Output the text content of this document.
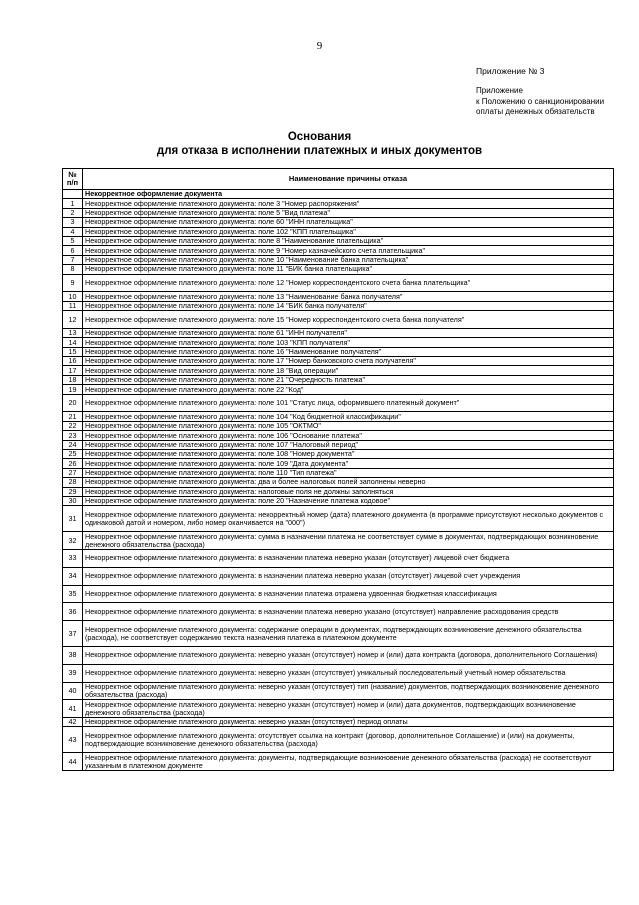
9
Приложение № 3
Приложение
к Положению о санкционировании
оплаты денежных обязательств
Основания
для отказа в исполнении платежных и иных документов
№
п/п	Наименование причины отказа
	Некорректное оформление документа
1	Некорректное оформление платежного документа: поле 3 "Номер распоряжения"
2	Некорректное оформление платежного документа: поле 5 "Вид платежа"
3	Некорректное оформление платежного документа: поле 60 "ИНН плательщика"
4	Некорректное оформление платежного документа: поле 102 "КПП плательщика"
5	Некорректное оформление платежного документа: поле 8 "Наименование плательщика"
6	Некорректное оформление платежного документа: поле 9 "Номер казначейского счета плательщика"
7	Некорректное оформление платежного документа: поле 10 "Наименование банка плательщика"
8	Некорректное оформление платежного документа: поле 11 "БИК банка плательщика"
9	Некорректное оформление платежного документа: поле 12 "Номер корреспондентского счета банка плательщика"
10	Некорректное оформление платежного документа: поле 13 "Наименование банка получателя"
11	Некорректное оформление платежного документа: поле 14 "БИК банка получателя"
12	Некорректное оформление платежного документа: поле 15 "Номер корреспондентского счета банка получателя"
13	Некорректное оформление платежного документа: поле 61 "ИНН получателя"
14	Некорректное оформление платежного документа: поле 103 "КПП получателя"
15	Некорректное оформление платежного документа: поле 16 "Наименование получателя"
16	Некорректное оформление платежного документа: поле 17 "Номер банковского счета получателя"
17	Некорректное оформление платежного документа: поле 18 "Вид операции"
18	Некорректное оформление платежного документа: поле 21 "Очередность платежа"
19	Некорректное оформление платежного документа: поле 22 "Код"
20	Некорректное оформление платежного документа: поле 101 "Статус лица, оформившего платежный документ"
21	Некорректное оформление платежного документа: поле 104 "Код бюджетной классификации"
22	Некорректное оформление платежного документа: поле 105 "ОКТМО"
23	Некорректное оформление платежного документа: поле 106 "Основание платежа"
24	Некорректное оформление платежного документа: поле 107 "Налоговый период"
25	Некорректное оформление платежного документа: поле 108 "Номер документа"
26	Некорректное оформление платежного документа: поле 109 "Дата документа"
27	Некорректное оформление платежного документа: поле 110 "Тип платежа"
28	Некорректное оформление платежного документа: два и более налоговых полей заполнены неверно
29	Некорректное оформление платежного документа: налоговые поля не должны заполняться
30	Некорректное оформление платежного документа: поле 20 "Назначение платежа кодовое"
31	Некорректное оформление платежного документа: некорректный номер (дата) платежного документа (в программе присутствуют несколько документов с одинаковой датой и номером, либо номер оканчивается на "000")
32	Некорректное оформление платежного документа: сумма в назначении платежа не соответствует сумме в документах, подтверждающих возникновение денежного обязательства (расхода)
33	Некорректное оформление платежного документа: в назначении платежа неверно указан (отсутствует) лицевой счет бюджета
34	Некорректное оформление платежного документа: в назначении платежа неверно указан (отсутствует) лицевой счет учреждения
35	Некорректное оформление платежного документа: в назначении платежа отражена удвоенная бюджетная классификация
36	Некорректное оформление платежного документа: в назначении платежа неверно указано (отсутствует) направление расходования средств
37	Некорректное оформление платежного документа: содержание операции в документах, подтверждающих возникновение денежного обязательства (расхода), не соответствует содержанию текста назначения платежа в платежном документе
38	Некорректное оформление платежного документа: неверно указан (отсутствует) номер и (или) дата контракта (договора, дополнительного Соглашения)
39	Некорректное оформление платежного документа: неверно указан (отсутствует) уникальный последовательный учетный номер обязательства
40	Некорректное оформление платежного документа: неверно указан (отсутствует) тип (название) документов, подтверждающих возникновение денежного обязательства (расхода)
41	Некорректное оформление платежного документа: неверно указан (отсутствует) номер и (или) дата документов, подтверждающих возникновение денежного обязательства (расхода)
42	Некорректное оформление платежного документа: неверно указан (отсутствует) период оплаты
43	Некорректное оформление платежного документа: отсутствует ссылка на контракт (договор, дополнительное Соглашение) и (или) на документы, подтверждающие возникновение денежного обязательства (расхода)
44	Некорректное оформление платежного документа: документы, подтверждающие возникновение денежного обязательства (расхода) не соответствуют указанным в платежном документе
